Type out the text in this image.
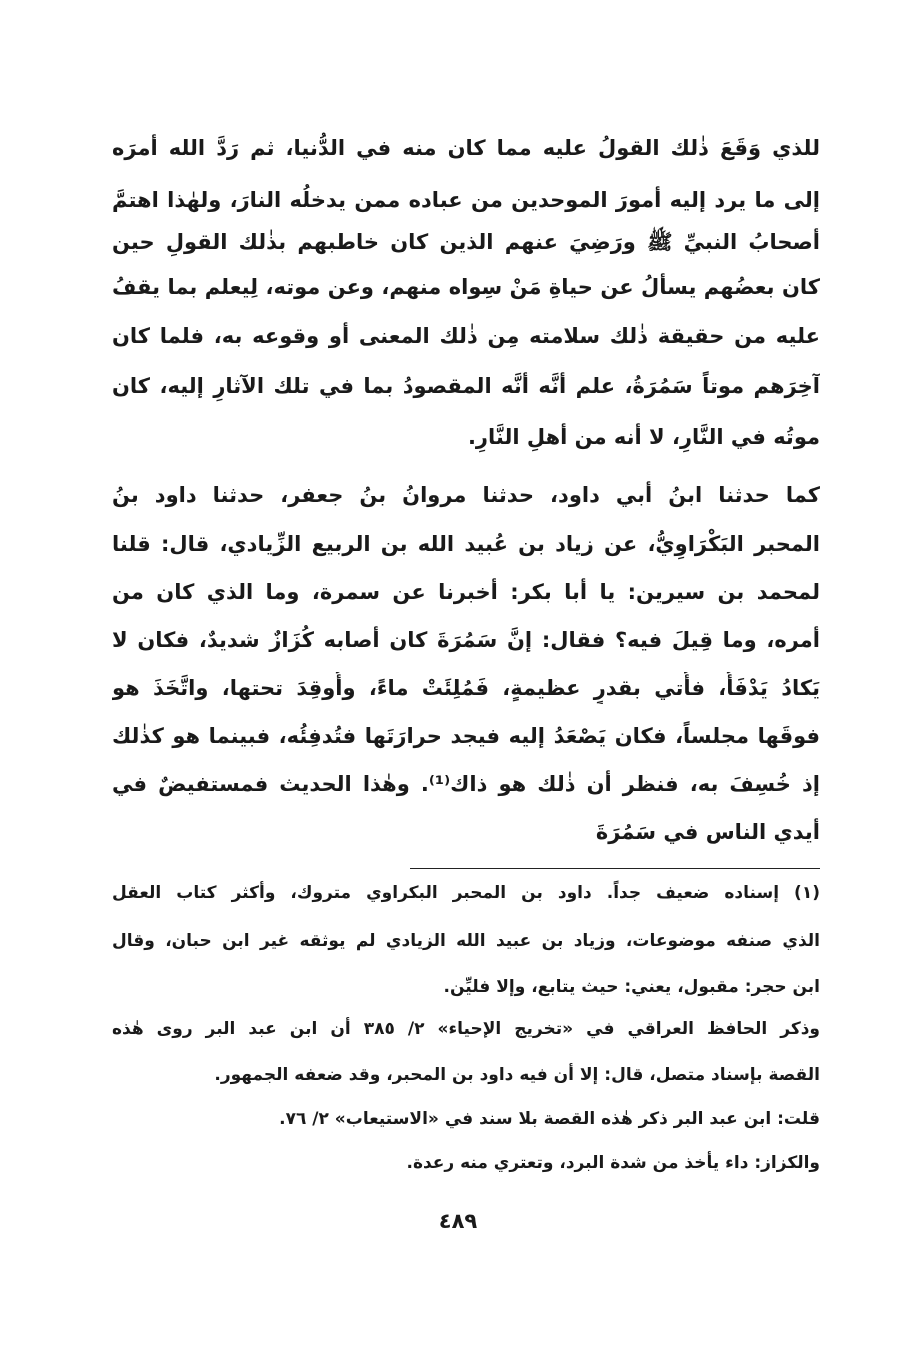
للذي وَقَعَ ذٰلك القولُ عليه مما كان منه في الدُّنيا، ثم رَدَّ الله أمرَه
إلى ما يرد إليه أمورَ الموحدين من عباده ممن يدخلُه النارَ، ولهٰذا اهتمَّ
أصحابُ النبيِّ ﷺ ورَضِيَ عنهم الذين كان خاطبهم بذٰلك القولِ حين
كان بعضُهم يسألُ عن حياةِ مَنْ سِواه منهم، وعن موته، لِيعلم بما يقفُ
عليه من حقيقة ذٰلك سلامته مِن ذٰلك المعنى أو وقوعه به، فلما كان
آخِرَهم موتاً سَمُرَةُ، علم أنَّه أنَّه المقصودُ بما في تلك الآثارِ إليه، كان
موتُه في النَّارِ، لا أنه من أهلِ النَّارِ.
كما حدثنا ابنُ أبي داود، حدثنا مروانُ بنُ جعفر، حدثنا داود بنُ
المحبر البَكْرَاوِيُّ، عن زياد بن عُبيد الله بن الربيع الزِّيادي، قال: قلنا
لمحمد بن سيرين: يا أبا بكر: أخبرنا عن سمرة، وما الذي كان من
أمره، وما قِيلَ فيه؟ فقال: إنَّ سَمُرَةَ كان أصابه كُزَازٌ شديدٌ، فكان لا
يَكادُ يَدْفَأُ، فأُتي بقدرٍ عظيمةٍ، فَمُلِئَتْ ماءً، وأُوقِدَ تحتها، واتَّخَذَ هو
فوقَها مجلساً، فكان يَصْعَدُ إليه فيجد حرارَتَها فتُدفِئُه، فبينما هو كذٰلك
إذ خُسِفَ به، فنظر أن ذٰلك هو ذاك⁽¹⁾. وهٰذا الحديث فمستفيضٌ في
أيدي الناس في سَمُرَةَ
(١) إسناده ضعيف جداً. داود بن المحبر البكراوي متروك، وأكثر كتاب العقل
الذي صنفه موضوعات، وزياد بن عبيد الله الزيادي لم يوثقه غير ابن حبان، وقال
ابن حجر: مقبول، يعني: حيث يتابع، وإلا فليِّن.
وذكر الحافظ العراقي في «تخريج الإحياء» ٢/ ٣٨٥ أن ابن عبد البر روى هٰذه
القصة بإسناد متصل، قال: إلا أن فيه داود بن المحبر، وقد ضعفه الجمهور.
قلت: ابن عبد البر ذكر هٰذه القصة بلا سند في «الاستيعاب» ٢/ ٧٦.
والكزاز: داء يأخذ من شدة البرد، وتعتري منه رعدة.
٤٨٩
